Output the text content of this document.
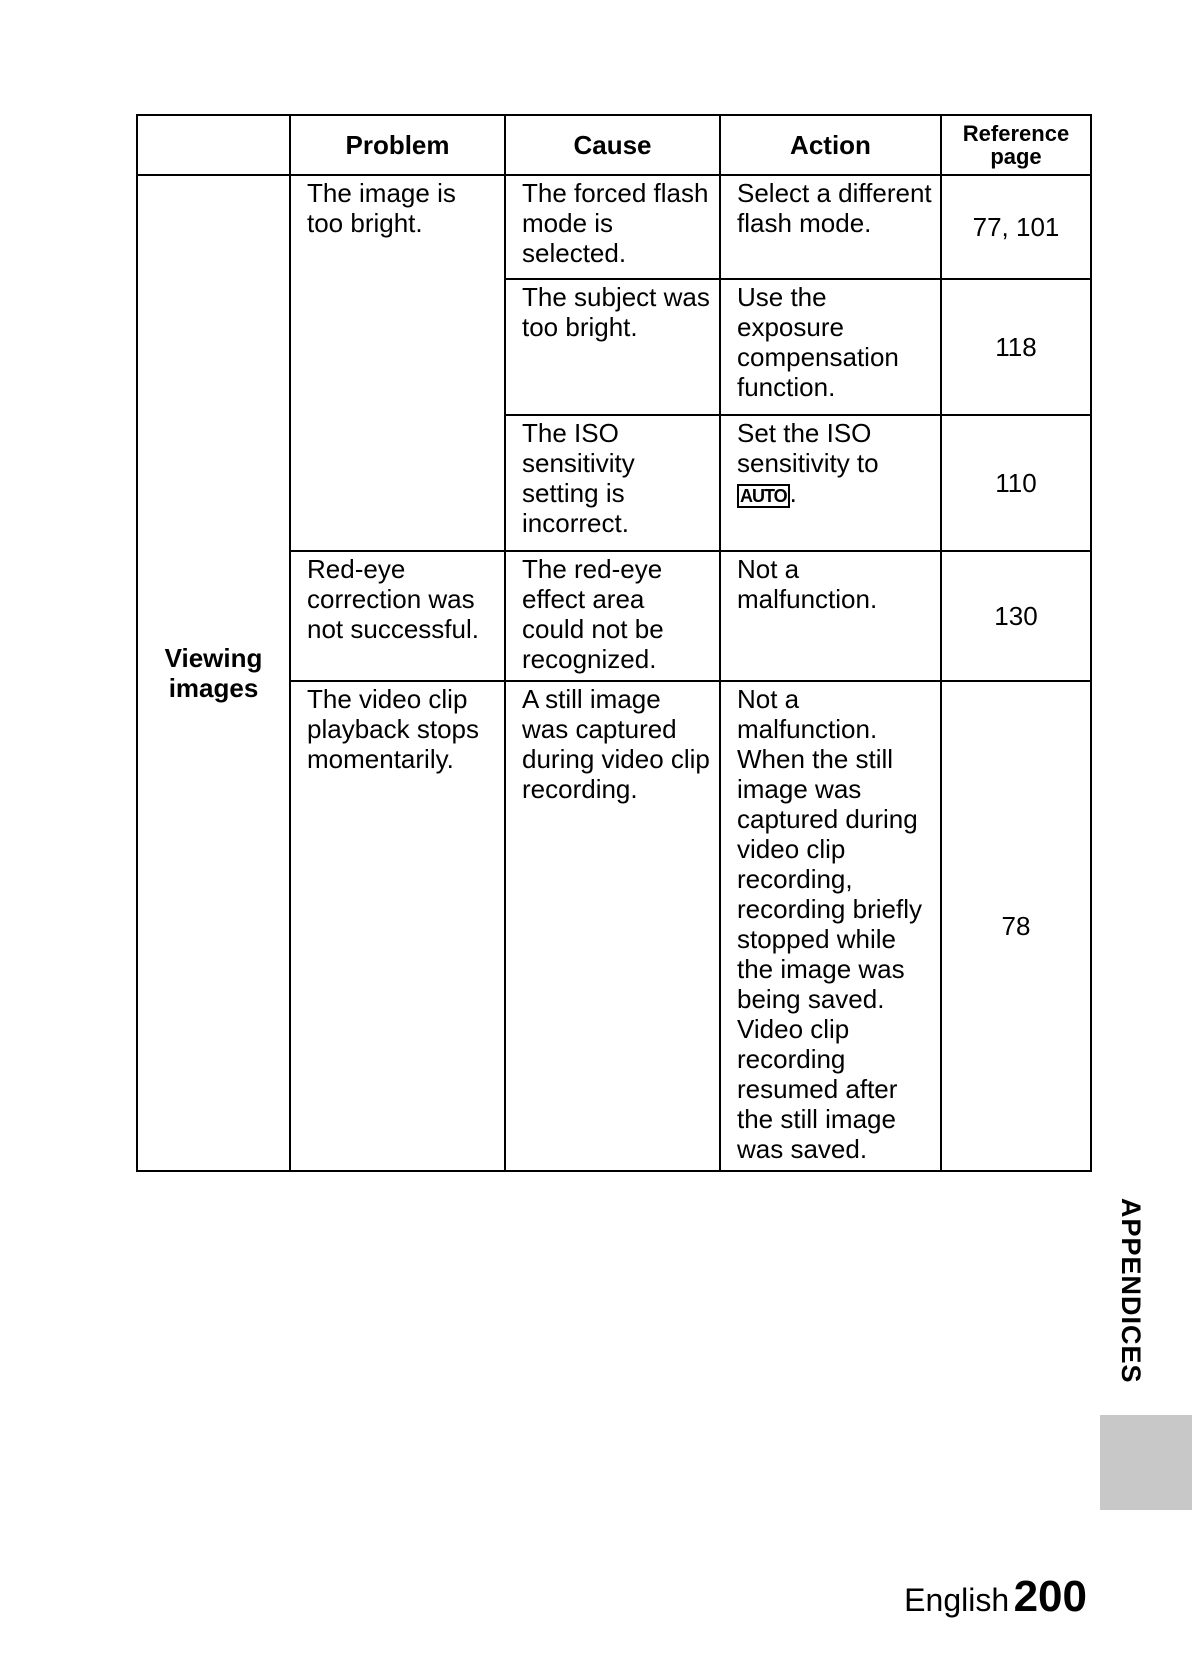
	Problem	Cause	Action	Reference page
Viewing images	The image is too bright.	The forced flash mode is selected.	Select a different flash mode.	77, 101
		The subject was too bright.	Use the exposure compensation function.	118
		The ISO sensitivity setting is incorrect.	Set the ISO sensitivity to AUTO .	110
	Red-eye correction was not successful.	The red-eye effect area could not be recognized.	Not a malfunction.	130
	The video clip playback stops momentarily.	A still image was captured during video clip recording.	Not a malfunction. When the still image was captured during video clip recording, recording briefly stopped while the image was being saved. Video clip recording resumed after the still image was saved.	78
APPENDICES
English 200
